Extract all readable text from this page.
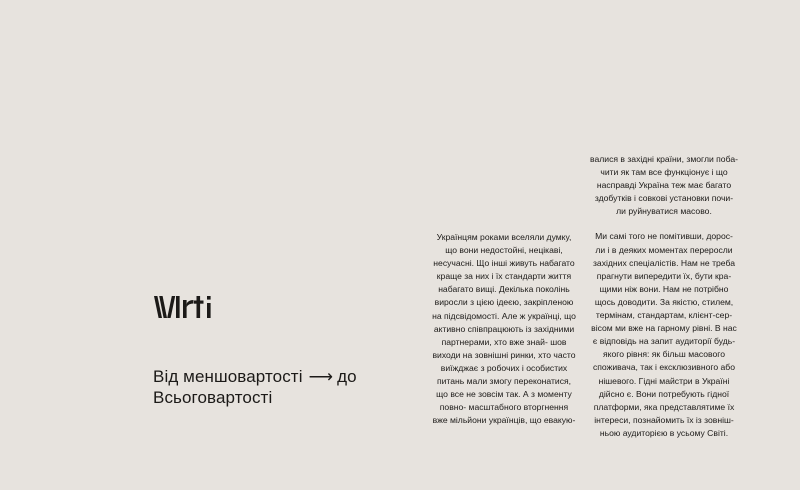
Від меншовартості ⟶ до
Всьоговартості

Українцям роками вселяли думку,
що вони недостойні, нецікаві,
несучасні. Що інші живуть набагато
краще за них і їх стандарти життя
набагато вищі. Декілька поколінь
виросли з цією ідеєю, закріпленою
на підсвідомості. Але ж українці, що
активно співпрацюють із західними
партнерами, хто вже знай- шов
виходи на зовнішні ринки, хто часто
виїжджає з робочих і особистих
питань мали змогу переконатися,
що все не зовсім так. А з моменту
повно- масштабного вторгнення
вже мільйони українців, що евакую-

валися в західні країни, змогли поба-
чити як там все функціонує і що
насправді Україна теж має багато
здобутків і совкові установки почи-
ли руйнуватися масово.

Ми самі того не помітивши, дорос-
ли і в деяких моментах переросли
західних спеціалістів. Нам не треба
прагнути випередити їх, бути кра-
щими ніж вони. Нам не потрібно
щось доводити. За якістю, стилем,
термінам, стандартам, клієнт-сер-
вісом ми вже на гарному рівні. В нас
є відповідь на запит аудиторії будь-
якого рівня: як більш масового
споживача, так і ексклюзивного або
нішевого. Гідні майстри в Україні
дійсно є. Вони потребують гідної
платформи, яка представлятиме їх
інтереси, познайомить їх із зовніш-
ньою аудиторією в усьому Світі.
